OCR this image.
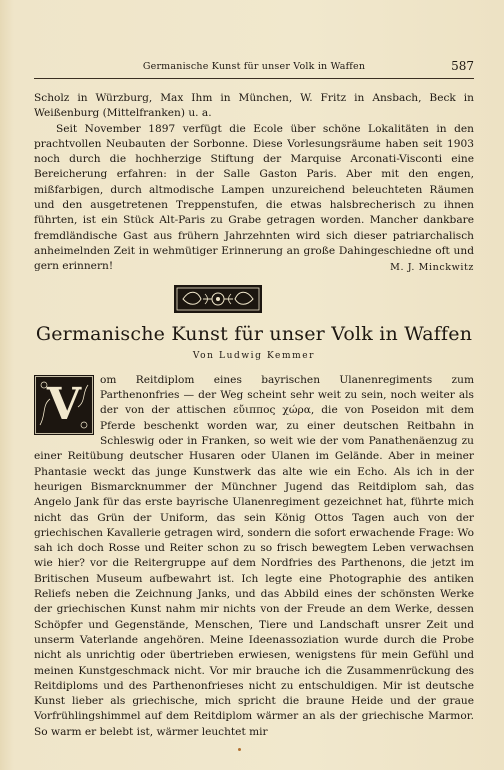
Germanische Kunst für unser Volk in Waffen	587

Scholz in Würzburg, Max Ihm in München, W. Fritz in Ansbach, Beck in Weißenburg (Mittelfranken) u. a.

Seit November 1897 verfügt die Ecole über schöne Lokalitäten in den prachtvollen Neubauten der Sorbonne. Diese Vorlesungsräume haben seit 1903 noch durch die hochherzige Stiftung der Marquise Arconati-Visconti eine Bereicherung erfahren: in der Salle Gaston Paris. Aber mit den engen, mißfarbigen, durch altmodische Lampen unzureichend beleuchteten Räumen und den ausgetretenen Treppenstufen, die etwas halsbrecherisch zu ihnen führten, ist ein Stück Alt-Paris zu Grabe getragen worden. Mancher dankbare fremdländische Gast aus frühern Jahrzehnten wird sich dieser patriarchalisch anheimelnden Zeit in wehmütiger Erinnerung an große Dahingeschiedne oft und gern erinnern!	M. J. Minckwitz
Germanische Kunst für unser Volk in Waffen
Von Ludwig Kemmer
V	om Reitdiplom eines bayrischen Ulanenregiments zum Parthenonfries — der Weg scheint sehr weit zu sein, noch weiter als der von der attischen εὔιππος χώρα, die von Poseidon mit dem Pferde beschenkt worden war, zu einer deutschen Reitbahn in Schleswig oder in Franken, so weit wie der vom Panathenäenzug zu einer Reitübung deutscher Husaren oder Ulanen im Gelände. Aber in meiner Phantasie weckt das junge Kunstwerk das alte wie ein Echo. Als ich in der heurigen Bismarcknummer der Münchner Jugend das Reitdiplom sah, das Angelo Jank für das erste bayrische Ulanenregiment gezeichnet hat, führte mich nicht das Grün der Uniform, das sein König Ottos Tagen auch von der griechischen Kavallerie getragen wird, sondern die sofort erwachende Frage: Wo sah ich doch Rosse und Reiter schon zu so frisch bewegtem Leben verwachsen wie hier? vor die Reitergruppe auf dem Nordfries des Parthenons, die jetzt im Britischen Museum aufbewahrt ist. Ich legte eine Photographie des antiken Reliefs neben die Zeichnung Janks, und das Abbild eines der schönsten Werke der griechischen Kunst nahm mir nichts von der Freude an dem Werke, dessen Schöpfer und Gegenstände, Menschen, Tiere und Landschaft unsrer Zeit und unserm Vaterlande angehören. Meine Ideenassoziation wurde durch die Probe nicht als unrichtig oder übertrieben erwiesen, wenigstens für mein Gefühl und meinen Kunstgeschmack nicht. Vor mir brauche ich die Zusammenrückung des Reitdiploms und des Parthenonfrieses nicht zu entschuldigen. Mir ist deutsche Kunst lieber als griechische, mich spricht die braune Heide und der graue Vorfrühlingshimmel auf dem Reitdiplom wärmer an als der griechische Marmor. So warm er belebt ist, wärmer leuchtet mir
